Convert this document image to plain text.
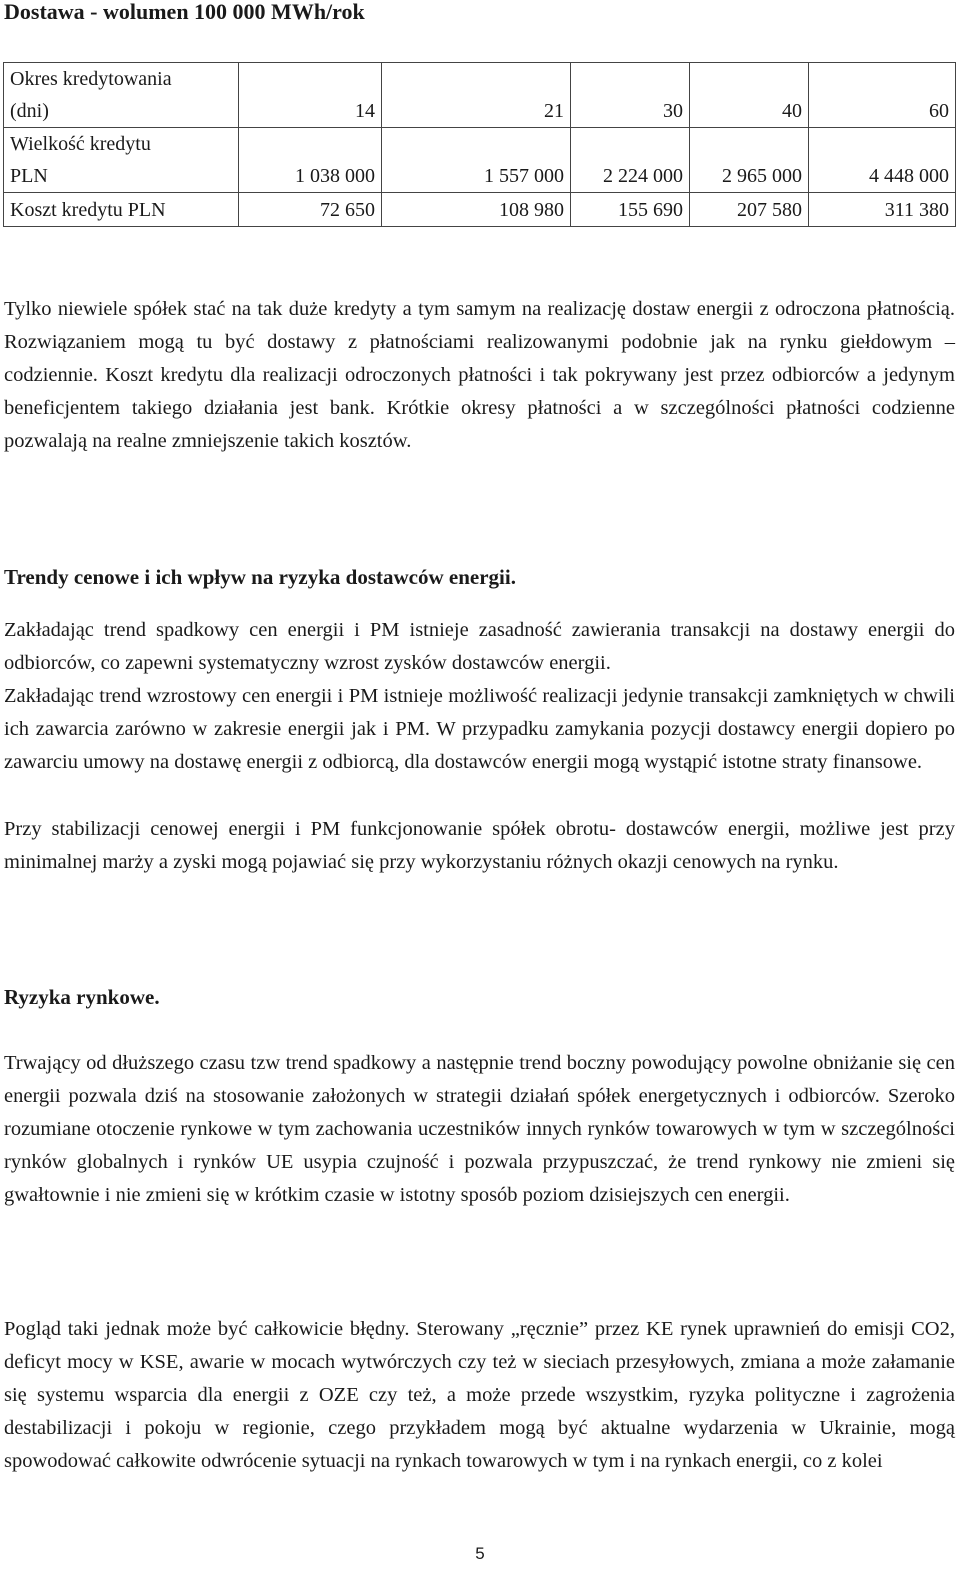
Dostawa - wolumen 100 000 MWh/rok
Okres kredytowania
(dni)	14	21	30	40	60

Wielkość kredytu
PLN	1 038 000	1 557 000	2 224 000	2 965 000	4 448 000

Koszt kredytu PLN	72 650	108 980	155 690	207 580	311 380

Tylko niewiele spółek stać na tak duże kredyty a tym samym na realizację dostaw energii z odroczona płatnością. Rozwiązaniem mogą tu być dostawy z płatnościami realizowanymi podobnie jak na rynku giełdowym – codziennie. Koszt kredytu dla realizacji odroczonych płatności i tak pokrywany jest przez odbiorców a jedynym beneficjentem takiego działania jest bank. Krótkie okresy płatności a w szczególności płatności codzienne pozwalają na realne zmniejszenie takich kosztów.

Trendy cenowe i ich wpływ na ryzyka dostawców energii.

Zakładając trend spadkowy cen energii i PM istnieje zasadność zawierania transakcji na dostawy energii do odbiorców, co zapewni systematyczny wzrost zysków dostawców energii.

Zakładając trend wzrostowy cen energii i PM istnieje możliwość realizacji jedynie transakcji zamkniętych w chwili ich zawarcia zarówno w zakresie energii jak i PM. W przypadku zamykania pozycji dostawcy energii dopiero po zawarciu umowy na dostawę energii z odbiorcą, dla dostawców energii mogą wystąpić istotne straty finansowe.

Przy stabilizacji cenowej energii i PM funkcjonowanie spółek obrotu- dostawców energii, możliwe jest przy minimalnej marży a zyski mogą pojawiać się przy wykorzystaniu różnych okazji cenowych na rynku.

Ryzyka rynkowe.

Trwający od dłuższego czasu tzw trend spadkowy a następnie trend boczny powodujący powolne obniżanie się cen energii pozwala dziś na stosowanie założonych w strategii działań spółek energetycznych i odbiorców. Szeroko rozumiane otoczenie rynkowe w tym zachowania uczestników innych rynków towarowych w tym w szczególności rynków globalnych i rynków UE usypia czujność i pozwala przypuszczać, że trend rynkowy nie zmieni się gwałtownie i nie zmieni się w krótkim czasie w istotny sposób poziom dzisiejszych cen energii.

Pogląd taki jednak może być całkowicie błędny. Sterowany „ręcznie” przez KE rynek uprawnień do emisji CO2, deficyt mocy w KSE, awarie w mocach wytwórczych czy też w sieciach przesyłowych, zmiana a może załamanie się systemu wsparcia dla energii z OZE czy też, a może przede wszystkim, ryzyka polityczne i zagrożenia destabilizacji i pokoju w regionie, czego przykładem mogą być aktualne wydarzenia w Ukrainie, mogą spowodować całkowite odwrócenie sytuacji na rynkach towarowych w tym i na rynkach energii, co z kolei

5
